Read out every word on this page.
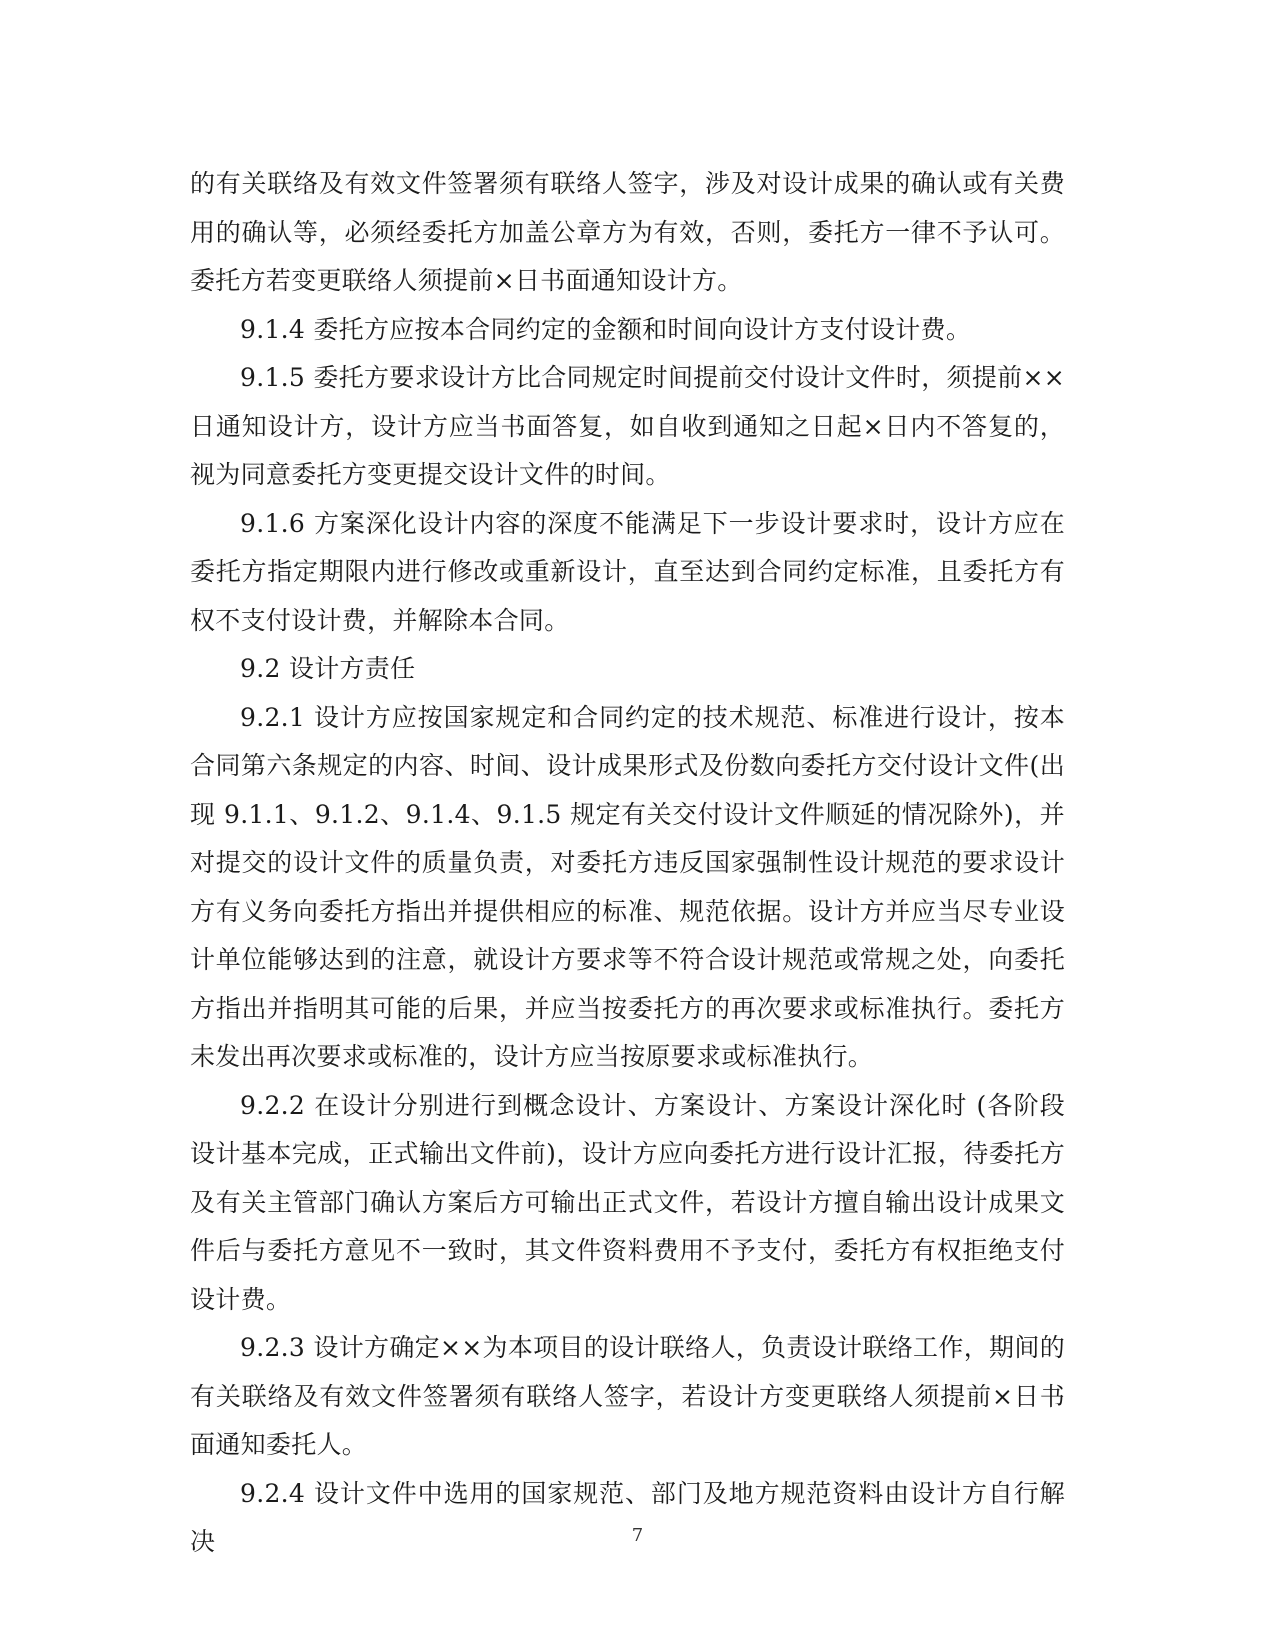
的有关联络及有效文件签署须有联络人签字，涉及对设计成果的确认或有关费用的确认等，必须经委托方加盖公章方为有效，否则，委托方一律不予认可。委托方若变更联络人须提前×日书面通知设计方。

9.1.4 委托方应按本合同约定的金额和时间向设计方支付设计费。

9.1.5 委托方要求设计方比合同规定时间提前交付设计文件时，须提前××日通知设计方，设计方应当书面答复，如自收到通知之日起×日内不答复的，视为同意委托方变更提交设计文件的时间。

9.1.6 方案深化设计内容的深度不能满足下一步设计要求时，设计方应在委托方指定期限内进行修改或重新设计，直至达到合同约定标准，且委托方有权不支付设计费，并解除本合同。

9.2 设计方责任

9.2.1 设计方应按国家规定和合同约定的技术规范、标准进行设计，按本合同第六条规定的内容、时间、设计成果形式及份数向委托方交付设计文件(出现 9.1.1、9.1.2、9.1.4、9.1.5 规定有关交付设计文件顺延的情况除外)，并对提交的设计文件的质量负责，对委托方违反国家强制性设计规范的要求设计方有义务向委托方指出并提供相应的标准、规范依据。设计方并应当尽专业设计单位能够达到的注意，就设计方要求等不符合设计规范或常规之处，向委托方指出并指明其可能的后果，并应当按委托方的再次要求或标准执行。委托方未发出再次要求或标准的，设计方应当按原要求或标准执行。

9.2.2 在设计分别进行到概念设计、方案设计、方案设计深化时 (各阶段设计基本完成，正式输出文件前)，设计方应向委托方进行设计汇报，待委托方及有关主管部门确认方案后方可输出正式文件，若设计方擅自输出设计成果文件后与委托方意见不一致时，其文件资料费用不予支付，委托方有权拒绝支付设计费。

9.2.3 设计方确定××为本项目的设计联络人，负责设计联络工作，期间的有关联络及有效文件签署须有联络人签字，若设计方变更联络人须提前×日书面通知委托人。

9.2.4 设计文件中选用的国家规范、部门及地方规范资料由设计方自行解决	7
